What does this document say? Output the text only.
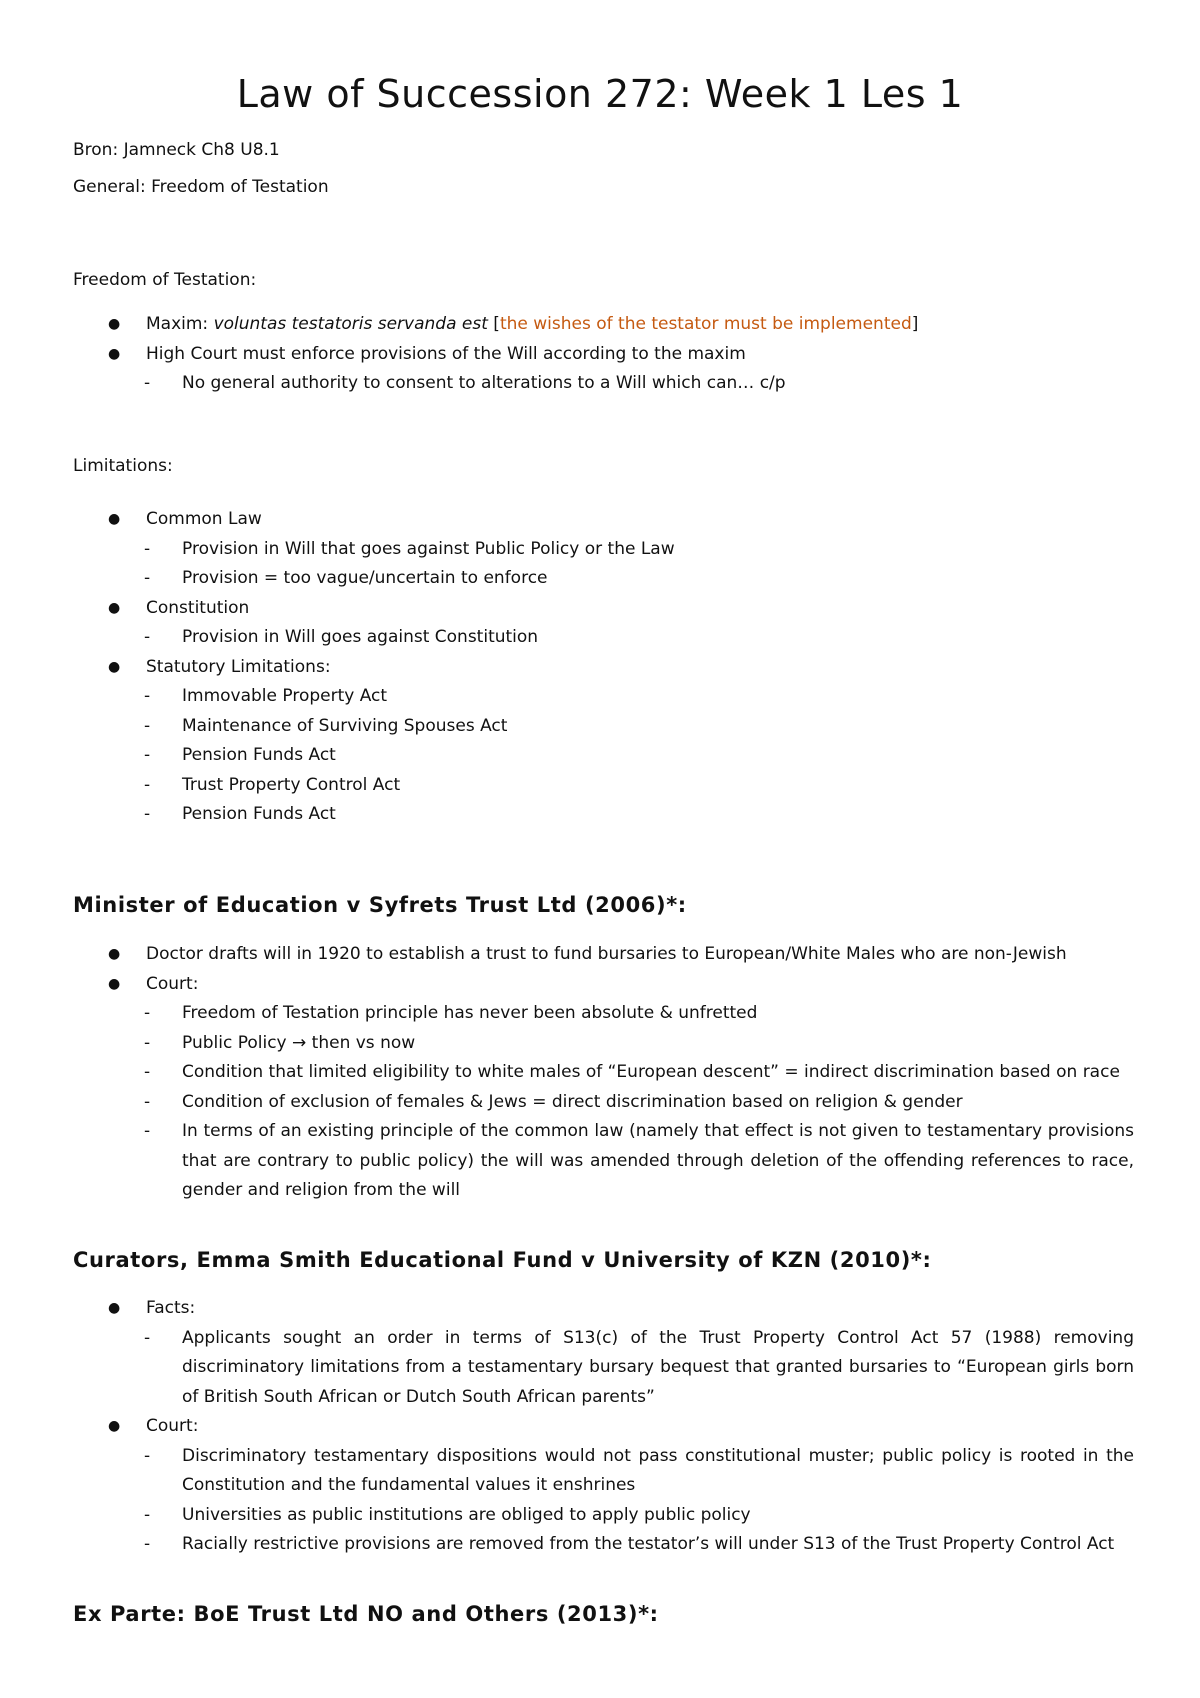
Law of Succession 272: Week 1 Les 1

Bron: Jamneck Ch8 U8.1

General: Freedom of Testation

Freedom of Testation:

● Maxim: voluntas testatoris servanda est [the wishes of the testator must be implemented]
● High Court must enforce provisions of the Will according to the maxim
- No general authority to consent to alterations to a Will which can… c/p

Limitations:

● Common Law
- Provision in Will that goes against Public Policy or the Law
- Provision = too vague/uncertain to enforce
● Constitution
- Provision in Will goes against Constitution
● Statutory Limitations:
- Immovable Property Act
- Maintenance of Surviving Spouses Act
- Pension Funds Act
- Trust Property Control Act
- Pension Funds Act
Minister of Education v Syfrets Trust Ltd (2006)*:
● Doctor drafts will in 1920 to establish a trust to fund bursaries to European/White Males who are non-Jewish
● Court:
- Freedom of Testation principle has never been absolute & unfretted
- Public Policy → then vs now
- Condition that limited eligibility to white males of “European descent” = indirect discrimination based on race
- Condition of exclusion of females & Jews = direct discrimination based on religion & gender
- In terms of an existing principle of the common law (namely that effect is not given to testamentary provisions that are contrary to public policy) the will was amended through deletion of the offending references to race, gender and religion from the will
Curators, Emma Smith Educational Fund v University of KZN (2010)*:
● Facts:
- Applicants sought an order in terms of S13(c) of the Trust Property Control Act 57 (1988) removing discriminatory limitations from a testamentary bursary bequest that granted bursaries to “European girls born of British South African or Dutch South African parents”
● Court:
- Discriminatory testamentary dispositions would not pass constitutional muster; public policy is rooted in the Constitution and the fundamental values it enshrines
- Universities as public institutions are obliged to apply public policy
- Racially restrictive provisions are removed from the testator’s will under S13 of the Trust Property Control Act
Ex Parte: BoE Trust Ltd NO and Others (2013)*:
